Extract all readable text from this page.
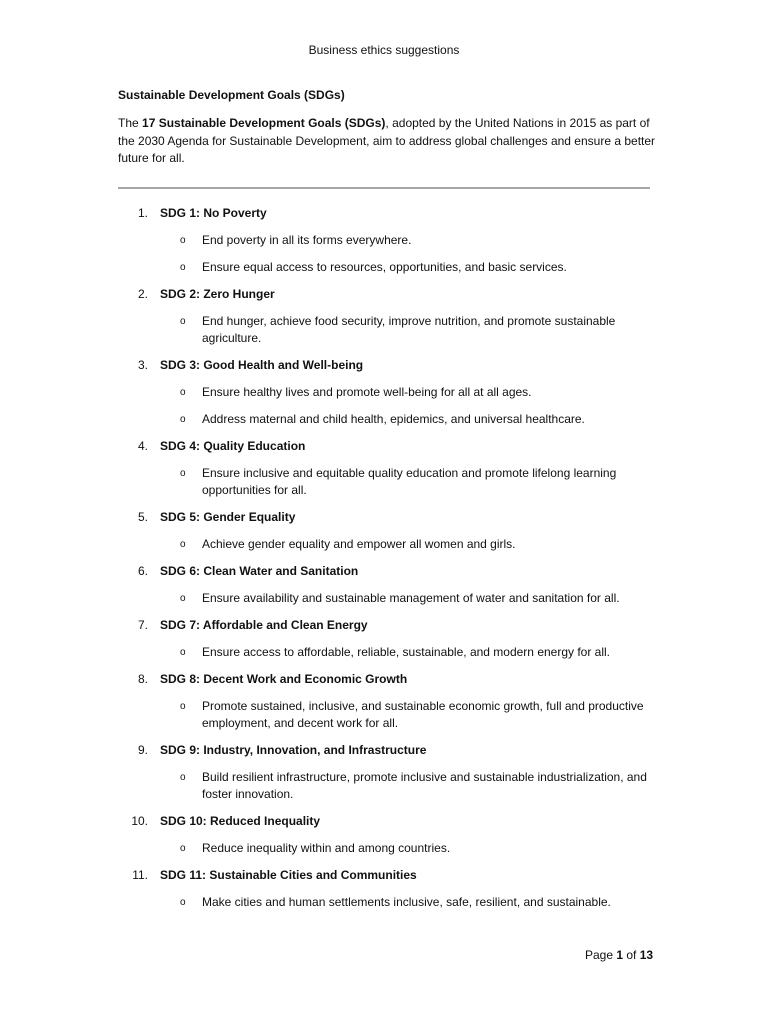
Business ethics suggestions
Sustainable Development Goals (SDGs)
The 17 Sustainable Development Goals (SDGs), adopted by the United Nations in 2015 as part of the 2030 Agenda for Sustainable Development, aim to address global challenges and ensure a better future for all.
1. SDG 1: No Poverty
o End poverty in all its forms everywhere.
o Ensure equal access to resources, opportunities, and basic services.
2. SDG 2: Zero Hunger
o End hunger, achieve food security, improve nutrition, and promote sustainable agriculture.
3. SDG 3: Good Health and Well-being
o Ensure healthy lives and promote well-being for all at all ages.
o Address maternal and child health, epidemics, and universal healthcare.
4. SDG 4: Quality Education
o Ensure inclusive and equitable quality education and promote lifelong learning opportunities for all.
5. SDG 5: Gender Equality
o Achieve gender equality and empower all women and girls.
6. SDG 6: Clean Water and Sanitation
o Ensure availability and sustainable management of water and sanitation for all.
7. SDG 7: Affordable and Clean Energy
o Ensure access to affordable, reliable, sustainable, and modern energy for all.
8. SDG 8: Decent Work and Economic Growth
o Promote sustained, inclusive, and sustainable economic growth, full and productive employment, and decent work for all.
9. SDG 9: Industry, Innovation, and Infrastructure
o Build resilient infrastructure, promote inclusive and sustainable industrialization, and foster innovation.
10. SDG 10: Reduced Inequality
o Reduce inequality within and among countries.
11. SDG 11: Sustainable Cities and Communities
o Make cities and human settlements inclusive, safe, resilient, and sustainable.
Page 1 of 13
